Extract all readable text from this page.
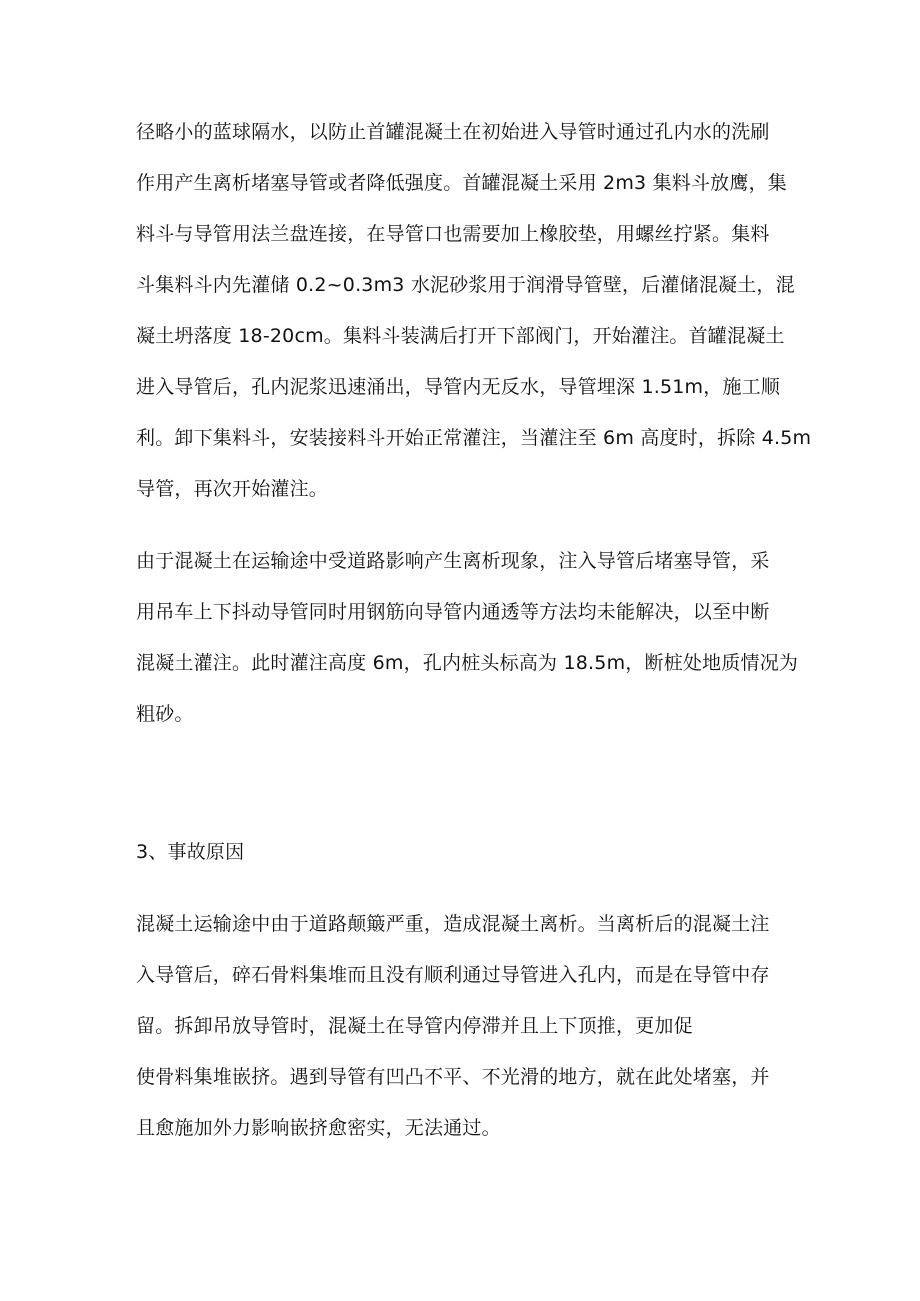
径略小的蓝球隔水，以防止首罐混凝土在初始进入导管时通过孔内水的洗刷
作用产生离析堵塞导管或者降低强度。首罐混凝土采用 2m3 集料斗放鹰，集
料斗与导管用法兰盘连接，在导管口也需要加上橡胶垫，用螺丝拧紧。集料
斗集料斗内先灌储 0.2~0.3m3 水泥砂浆用于润滑导管壁，后灌储混凝土，混
凝土坍落度 18-20cm。集料斗装满后打开下部阀门，开始灌注。首罐混凝土
进入导管后，孔内泥浆迅速涌出，导管内无反水，导管埋深 1.51m，施工顺
利。卸下集料斗，安装接料斗开始正常灌注，当灌注至 6m 高度时，拆除 4.5m
导管，再次开始灌注。
由于混凝土在运输途中受道路影响产生离析现象，注入导管后堵塞导管，采
用吊车上下抖动导管同时用钢筋向导管内通透等方法均未能解决，以至中断
混凝土灌注。此时灌注高度 6m，孔内桩头标高为 18.5m，断桩处地质情况为
粗砂。
3、事故原因
混凝土运输途中由于道路颠簸严重，造成混凝土离析。当离析后的混凝土注
入导管后，碎石骨料集堆而且没有顺利通过导管进入孔内，而是在导管中存
留。拆卸吊放导管时，混凝土在导管内停滞并且上下顶推，更加促
使骨料集堆嵌挤。遇到导管有凹凸不平、不光滑的地方，就在此处堵塞，并
且愈施加外力影响嵌挤愈密实，无法通过。
